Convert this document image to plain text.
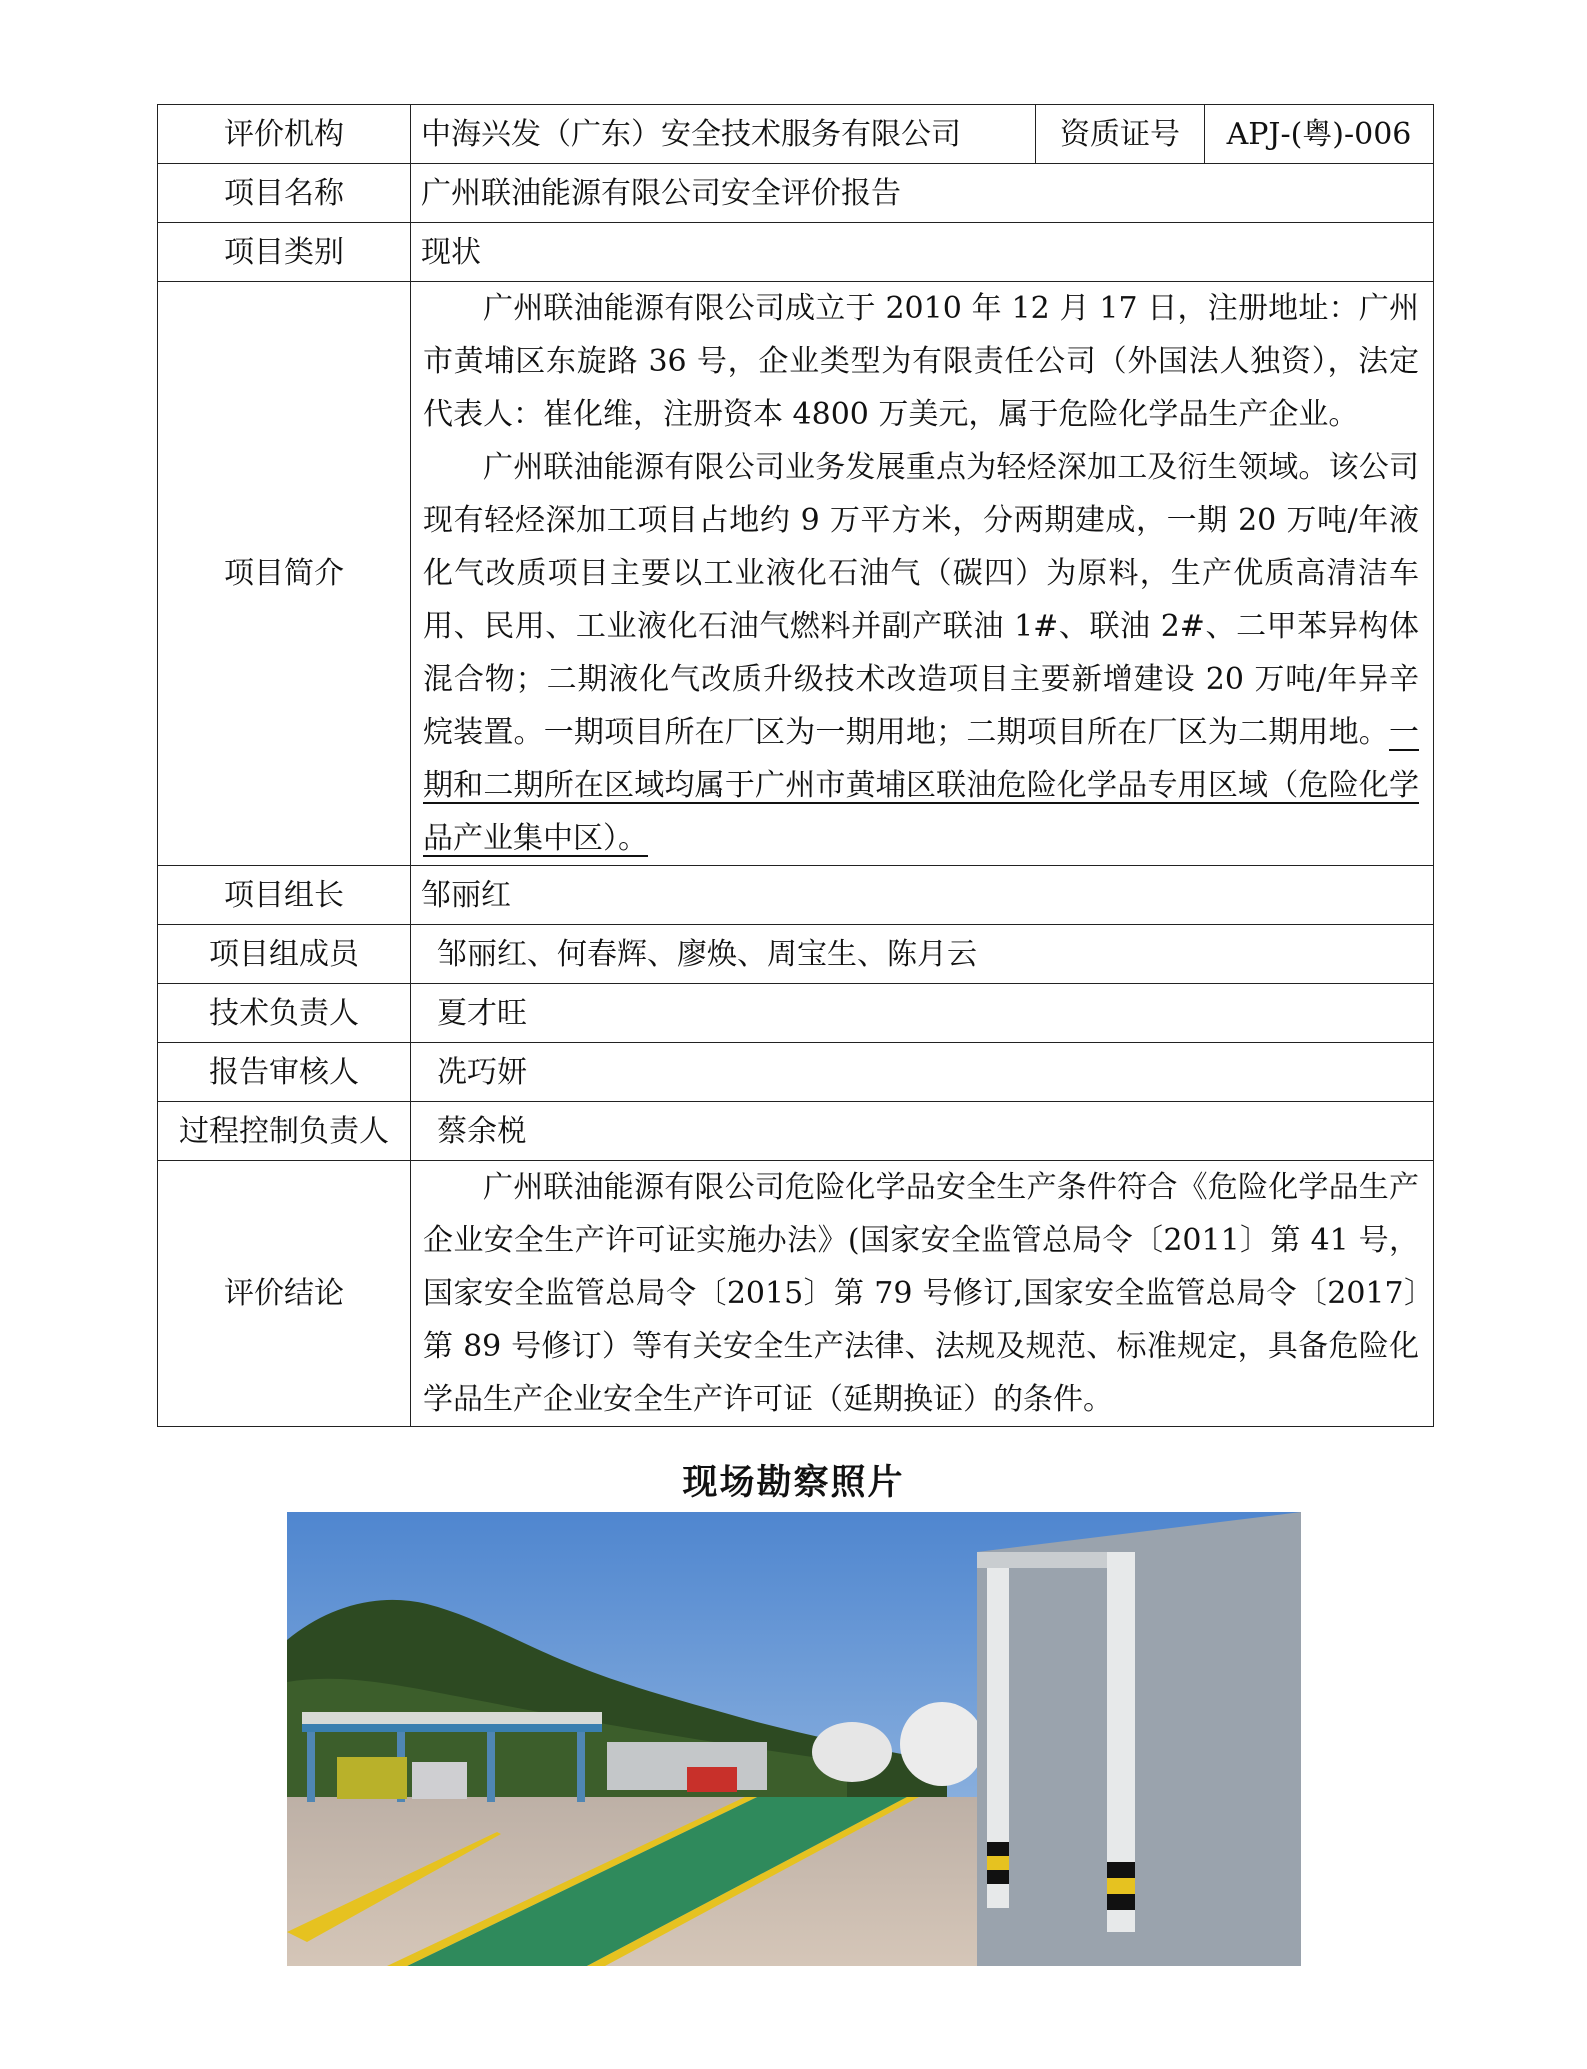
评价机构	中海兴发（广东）安全技术服务有限公司	资质证号	APJ-(粤)-006
项目名称	广州联油能源有限公司安全评价报告		
项目类别	现状		
项目简介	广州联油能源有限公司成立于 2010 年 12 月 17 日，注册地址：广州市黄埔区东旋路 36 号，企业类型为有限责任公司（外国法人独资），法定代表人：崔化维，注册资本 4800 万美元，属于危险化学品生产企业。

广州联油能源有限公司业务发展重点为轻烃深加工及衍生领域。该公司现有轻烃深加工项目占地约 9 万平方米，分两期建成，一期 20 万吨/年液化气改质项目主要以工业液化石油气（碳四）为原料，生产优质高清洁车用、民用、工业液化石油气燃料并副产联油 1#、联油 2#、二甲苯异构体混合物；二期液化气改质升级技术改造项目主要新增建设 20 万吨/年异辛烷装置。一期项目所在厂区为一期用地；二期项目所在厂区为二期用地。一期和二期所在区域均属于广州市黄埔区联油危险化学品专用区域（危险化学品产业集中区）。		

项目组长	邹丽红		
项目组成员	邹丽红、何春辉、廖焕、周宝生、陈月云		
技术负责人	夏才旺		
报告审核人	冼巧妍		
过程控制负责人	蔡余棁		
评价结论	广州联油能源有限公司危险化学品安全生产条件符合《危险化学品生产企业安全生产许可证实施办法》(国家安全监管总局令〔2011〕第 41 号，国家安全监管总局令〔2015〕第 79 号修订,国家安全监管总局令〔2017〕第 89 号修订）等有关安全生产法律、法规及规范、标准规定，具备危险化学品生产企业安全生产许可证（延期换证）的条件。		

现场勘察照片
